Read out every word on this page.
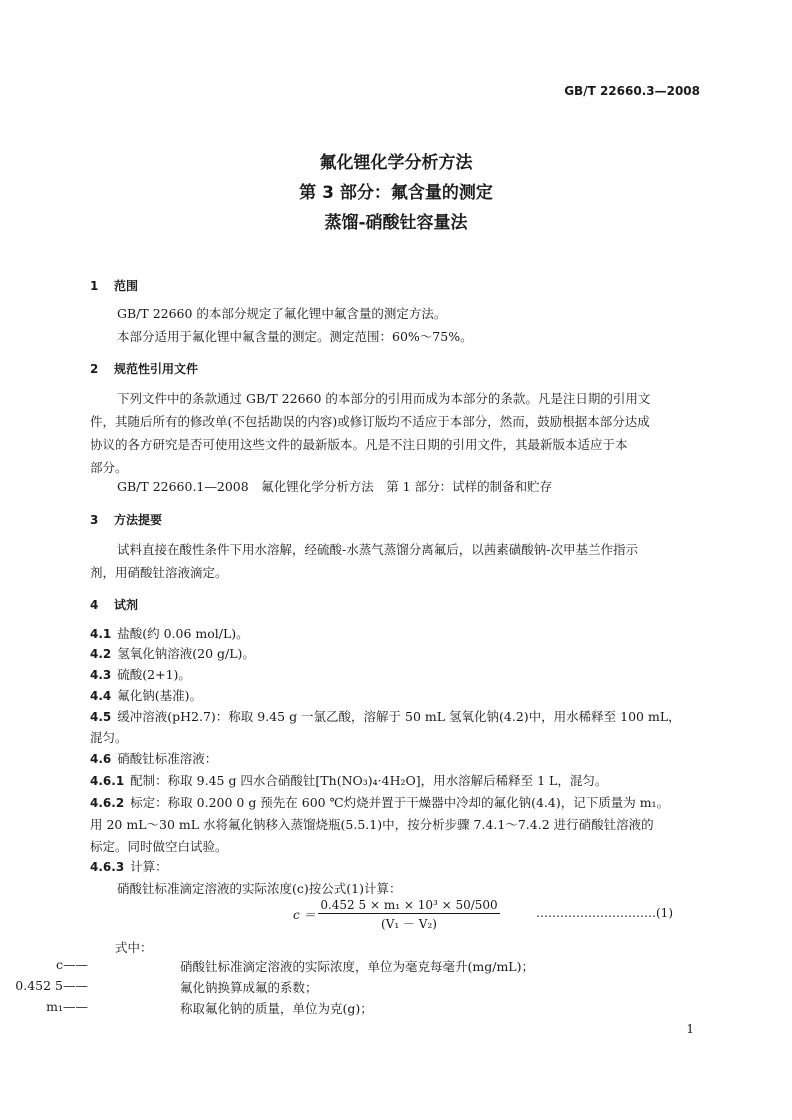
GB/T 22660.3—2008
氟化锂化学分析方法
第 3 部分：氟含量的测定
蒸馏-硝酸钍容量法
1 范围
GB/T 22660 的本部分规定了氟化锂中氟含量的测定方法。
本部分适用于氟化锂中氟含量的测定。测定范围：60%～75%。
2 规范性引用文件
下列文件中的条款通过 GB/T 22660 的本部分的引用而成为本部分的条款。凡是注日期的引用文
件，其随后所有的修改单(不包括勘误的内容)或修订版均不适应于本部分，然而，鼓励根据本部分达成
协议的各方研究是否可使用这些文件的最新版本。凡是不注日期的引用文件，其最新版本适应于本
部分。
GB/T 22660.1—2008　氟化锂化学分析方法　第 1 部分：试样的制备和贮存
3 方法提要
试料直接在酸性条件下用水溶解，经硫酸-水蒸气蒸馏分离氟后，以茜素磺酸钠-次甲基兰作指示
剂，用硝酸钍溶液滴定。
4 试剂
4.1 盐酸(约 0.06 mol/L)。
4.2 氢氧化钠溶液(20 g/L)。
4.3 硫酸(2+1)。
4.4 氟化钠(基准)。
4.5 缓冲溶液(pH2.7)：称取 9.45 g 一氯乙酸，溶解于 50 mL 氢氧化钠(4.2)中，用水稀释至 100 mL，
混匀。
4.6 硝酸钍标准溶液：
4.6.1 配制：称取 9.45 g 四水合硝酸钍[Th(NO₃)₄·4H₂O]，用水溶解后稀释至 1 L，混匀。
4.6.2 标定：称取 0.200 0 g 预先在 600 ℃灼烧并置于干燥器中冷却的氟化钠(4.4)，记下质量为 m₁。
用 20 mL～30 mL 水将氟化钠移入蒸馏烧瓶(5.5.1)中，按分析步骤 7.4.1～7.4.2 进行硝酸钍溶液的
标定。同时做空白试验。
4.6.3 计算：
硝酸钍标准滴定溶液的实际浓度(c)按公式(1)计算：
c ＝
0.452 5 × m₁ × 10³ × 50/500
(V₁ － V₂)
…………………………(1)
式中：
c——	硝酸钍标准滴定溶液的实际浓度，单位为毫克每毫升(mg/mL)；
0.452 5——	氟化钠换算成氟的系数；
m₁——	称取氟化钠的质量，单位为克(g)；
1
